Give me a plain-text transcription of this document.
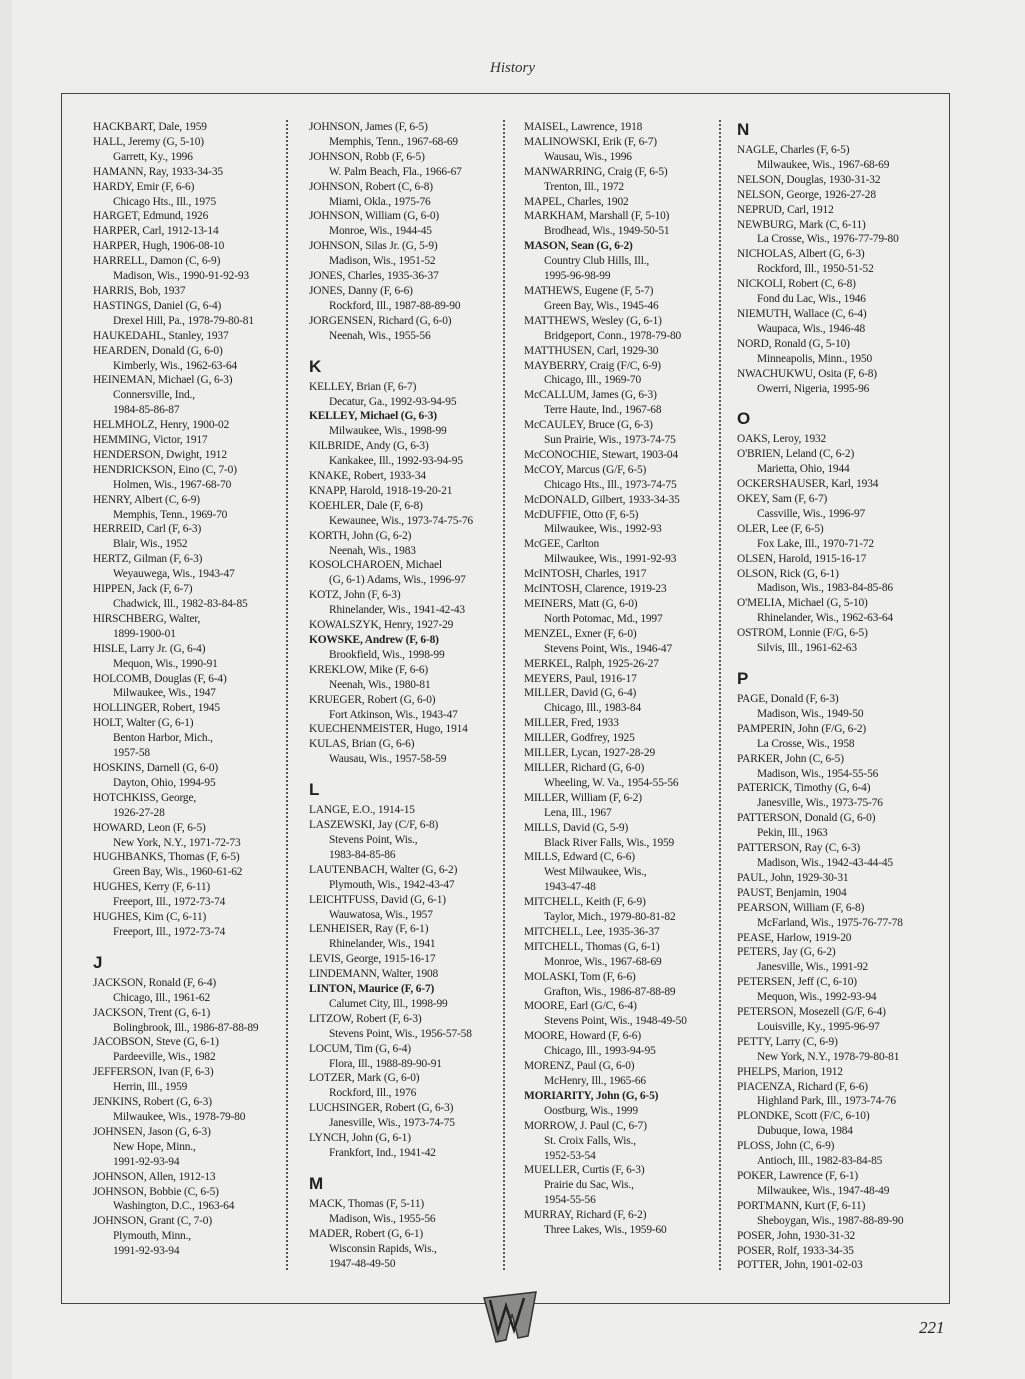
History
HACKBART, Dale, 1959
HALL, Jeremy (G, 5-10)
Garrett, Ky., 1996
HAMANN, Ray, 1933-34-35
HARDY, Emir (F, 6-6)
Chicago Hts., Ill., 1975
HARGET, Edmund, 1926
HARPER, Carl, 1912-13-14
HARPER, Hugh, 1906-08-10
HARRELL, Damon (C, 6-9)
Madison, Wis., 1990-91-92-93
HARRIS, Bob, 1937
HASTINGS, Daniel (G, 6-4)
Drexel Hill, Pa., 1978-79-80-81
HAUKEDAHL, Stanley, 1937
HEARDEN, Donald (G, 6-0)
Kimberly, Wis., 1962-63-64
HEINEMAN, Michael (G, 6-3)
Connersville, Ind.,
1984-85-86-87
HELMHOLZ, Henry, 1900-02
HEMMING, Victor, 1917
HENDERSON, Dwight, 1912
HENDRICKSON, Eino (C, 7-0)
Holmen, Wis., 1967-68-70
HENRY, Albert (C, 6-9)
Memphis, Tenn., 1969-70
HERREID, Carl (F, 6-3)
Blair, Wis., 1952
HERTZ, Gilman (F, 6-3)
Weyauwega, Wis., 1943-47
HIPPEN, Jack (F, 6-7)
Chadwick, Ill., 1982-83-84-85
HIRSCHBERG, Walter,
1899-1900-01
HISLE, Larry Jr. (G, 6-4)
Mequon, Wis., 1990-91
HOLCOMB, Douglas (F, 6-4)
Milwaukee, Wis., 1947
HOLLINGER, Robert, 1945
HOLT, Walter (G, 6-1)
Benton Harbor, Mich.,
1957-58
HOSKINS, Darnell (G, 6-0)
Dayton, Ohio, 1994-95
HOTCHKISS, George,
1926-27-28
HOWARD, Leon (F, 6-5)
New York, N.Y., 1971-72-73
HUGHBANKS, Thomas (F, 6-5)
Green Bay, Wis., 1960-61-62
HUGHES, Kerry (F, 6-11)
Freeport, Ill., 1972-73-74
HUGHES, Kim (C, 6-11)
Freeport, Ill., 1972-73-74
J
JACKSON, Ronald (F, 6-4)
Chicago, Ill., 1961-62
JACKSON, Trent (G, 6-1)
Bolingbrook, Ill., 1986-87-88-89
JACOBSON, Steve (G, 6-1)
Pardeeville, Wis., 1982
JEFFERSON, Ivan (F, 6-3)
Herrin, Ill., 1959
JENKINS, Robert (G, 6-3)
Milwaukee, Wis., 1978-79-80
JOHNSEN, Jason (G, 6-3)
New Hope, Minn.,
1991-92-93-94
JOHNSON, Allen, 1912-13
JOHNSON, Bobbie (C, 6-5)
Washington, D.C., 1963-64
JOHNSON, Grant (C, 7-0)
Plymouth, Minn.,
1991-92-93-94
JOHNSON, James (F, 6-5)
Memphis, Tenn., 1967-68-69
JOHNSON, Robb (F, 6-5)
W. Palm Beach, Fla., 1966-67
JOHNSON, Robert (C, 6-8)
Miami, Okla., 1975-76
JOHNSON, William (G, 6-0)
Monroe, Wis., 1944-45
JOHNSON, Silas Jr. (G, 5-9)
Madison, Wis., 1951-52
JONES, Charles, 1935-36-37
JONES, Danny (F, 6-6)
Rockford, Ill., 1987-88-89-90
JORGENSEN, Richard (G, 6-0)
Neenah, Wis., 1955-56
K
KELLEY, Brian (F, 6-7)
Decatur, Ga., 1992-93-94-95
KELLEY, Michael (G, 6-3)
Milwaukee, Wis., 1998-99
KILBRIDE, Andy (G, 6-3)
Kankakee, Ill., 1992-93-94-95
KNAKE, Robert, 1933-34
KNAPP, Harold, 1918-19-20-21
KOEHLER, Dale (F, 6-8)
Kewaunee, Wis., 1973-74-75-76
KORTH, John (G, 6-2)
Neenah, Wis., 1983
KOSOLCHAROEN, Michael
(G, 6-1) Adams, Wis., 1996-97
KOTZ, John (F, 6-3)
Rhinelander, Wis., 1941-42-43
KOWALSZYK, Henry, 1927-29
KOWSKE, Andrew (F, 6-8)
Brookfield, Wis., 1998-99
KREKLOW, Mike (F, 6-6)
Neenah, Wis., 1980-81
KRUEGER, Robert (G, 6-0)
Fort Atkinson, Wis., 1943-47
KUECHENMEISTER, Hugo, 1914
KULAS, Brian (G, 6-6)
Wausau, Wis., 1957-58-59
L
LANGE, E.O., 1914-15
LASZEWSKI, Jay (C/F, 6-8)
Stevens Point, Wis.,
1983-84-85-86
LAUTENBACH, Walter (G, 6-2)
Plymouth, Wis., 1942-43-47
LEICHTFUSS, David (G, 6-1)
Wauwatosa, Wis., 1957
LENHEISER, Ray (F, 6-1)
Rhinelander, Wis., 1941
LEVIS, George, 1915-16-17
LINDEMANN, Walter, 1908
LINTON, Maurice (F, 6-7)
Calumet City, Ill., 1998-99
LITZOW, Robert (F, 6-3)
Stevens Point, Wis., 1956-57-58
LOCUM, Tim (G, 6-4)
Flora, Ill., 1988-89-90-91
LOTZER, Mark (G, 6-0)
Rockford, Ill., 1976
LUCHSINGER, Robert (G, 6-3)
Janesville, Wis., 1973-74-75
LYNCH, John (G, 6-1)
Frankfort, Ind., 1941-42
M
MACK, Thomas (F, 5-11)
Madison, Wis., 1955-56
MADER, Robert (G, 6-1)
Wisconsin Rapids, Wis.,
1947-48-49-50
MAISEL, Lawrence, 1918
MALINOWSKI, Erik (F, 6-7)
Wausau, Wis., 1996
MANWARRING, Craig (F, 6-5)
Trenton, Ill., 1972
MAPEL, Charles, 1902
MARKHAM, Marshall (F, 5-10)
Brodhead, Wis., 1949-50-51
MASON, Sean (G, 6-2)
Country Club Hills, Ill.,
1995-96-98-99
MATHEWS, Eugene (F, 5-7)
Green Bay, Wis., 1945-46
MATTHEWS, Wesley (G, 6-1)
Bridgeport, Conn., 1978-79-80
MATTHUSEN, Carl, 1929-30
MAYBERRY, Craig (F/C, 6-9)
Chicago, Ill., 1969-70
McCALLUM, James (G, 6-3)
Terre Haute, Ind., 1967-68
McCAULEY, Bruce (G, 6-3)
Sun Prairie, Wis., 1973-74-75
McCONOCHIE, Stewart, 1903-04
McCOY, Marcus (G/F, 6-5)
Chicago Hts., Ill., 1973-74-75
McDONALD, Gilbert, 1933-34-35
McDUFFIE, Otto (F, 6-5)
Milwaukee, Wis., 1992-93
McGEE, Carlton
Milwaukee, Wis., 1991-92-93
McINTOSH, Charles, 1917
McINTOSH, Clarence, 1919-23
MEINERS, Matt (G, 6-0)
North Potomac, Md., 1997
MENZEL, Exner (F, 6-0)
Stevens Point, Wis., 1946-47
MERKEL, Ralph, 1925-26-27
MEYERS, Paul, 1916-17
MILLER, David (G, 6-4)
Chicago, Ill., 1983-84
MILLER, Fred, 1933
MILLER, Godfrey, 1925
MILLER, Lycan, 1927-28-29
MILLER, Richard (G, 6-0)
Wheeling, W. Va., 1954-55-56
MILLER, William (F, 6-2)
Lena, Ill., 1967
MILLS, David (G, 5-9)
Black River Falls, Wis., 1959
MILLS, Edward (C, 6-6)
West Milwaukee, Wis.,
1943-47-48
MITCHELL, Keith (F, 6-9)
Taylor, Mich., 1979-80-81-82
MITCHELL, Lee, 1935-36-37
MITCHELL, Thomas (G, 6-1)
Monroe, Wis., 1967-68-69
MOLASKI, Tom (F, 6-6)
Grafton, Wis., 1986-87-88-89
MOORE, Earl (G/C, 6-4)
Stevens Point, Wis., 1948-49-50
MOORE, Howard (F, 6-6)
Chicago, Ill., 1993-94-95
MORENZ, Paul (G, 6-0)
McHenry, Ill., 1965-66
MORIARITY, John (G, 6-5)
Oostburg, Wis., 1999
MORROW, J. Paul (C, 6-7)
St. Croix Falls, Wis.,
1952-53-54
MUELLER, Curtis (F, 6-3)
Prairie du Sac, Wis.,
1954-55-56
MURRAY, Richard (F, 6-2)
Three Lakes, Wis., 1959-60
N
NAGLE, Charles (F, 6-5)
Milwaukee, Wis., 1967-68-69
NELSON, Douglas, 1930-31-32
NELSON, George, 1926-27-28
NEPRUD, Carl, 1912
NEWBURG, Mark (C, 6-11)
La Crosse, Wis., 1976-77-79-80
NICHOLAS, Albert (G, 6-3)
Rockford, Ill., 1950-51-52
NICKOLI, Robert (C, 6-8)
Fond du Lac, Wis., 1946
NIEMUTH, Wallace (C, 6-4)
Waupaca, Wis., 1946-48
NORD, Ronald (G, 5-10)
Minneapolis, Minn., 1950
NWACHUKWU, Osita (F, 6-8)
Owerri, Nigeria, 1995-96
O
OAKS, Leroy, 1932
O'BRIEN, Leland (C, 6-2)
Marietta, Ohio, 1944
OCKERSHAUSER, Karl, 1934
OKEY, Sam (F, 6-7)
Cassville, Wis., 1996-97
OLER, Lee (F, 6-5)
Fox Lake, Ill., 1970-71-72
OLSEN, Harold, 1915-16-17
OLSON, Rick (G, 6-1)
Madison, Wis., 1983-84-85-86
O'MELIA, Michael (G, 5-10)
Rhinelander, Wis., 1962-63-64
OSTROM, Lonnie (F/G, 6-5)
Silvis, Ill., 1961-62-63
P
PAGE, Donald (F, 6-3)
Madison, Wis., 1949-50
PAMPERIN, John (F/G, 6-2)
La Crosse, Wis., 1958
PARKER, John (C, 6-5)
Madison, Wis., 1954-55-56
PATERICK, Timothy (G, 6-4)
Janesville, Wis., 1973-75-76
PATTERSON, Donald (G, 6-0)
Pekin, Ill., 1963
PATTERSON, Ray (C, 6-3)
Madison, Wis., 1942-43-44-45
PAUL, John, 1929-30-31
PAUST, Benjamin, 1904
PEARSON, William (F, 6-8)
McFarland, Wis., 1975-76-77-78
PEASE, Harlow, 1919-20
PETERS, Jay (G, 6-2)
Janesville, Wis., 1991-92
PETERSEN, Jeff (C, 6-10)
Mequon, Wis., 1992-93-94
PETERSON, Mosezell (G/F, 6-4)
Louisville, Ky., 1995-96-97
PETTY, Larry (C, 6-9)
New York, N.Y., 1978-79-80-81
PHELPS, Marion, 1912
PIACENZA, Richard (F, 6-6)
Highland Park, Ill., 1973-74-76
PLONDKE, Scott (F/C, 6-10)
Dubuque, Iowa, 1984
PLOSS, John (C, 6-9)
Antioch, Ill., 1982-83-84-85
POKER, Lawrence (F, 6-1)
Milwaukee, Wis., 1947-48-49
PORTMANN, Kurt (F, 6-11)
Sheboygan, Wis., 1987-88-89-90
POSER, John, 1930-31-32
POSER, Rolf, 1933-34-35
POTTER, John, 1901-02-03
W
221
